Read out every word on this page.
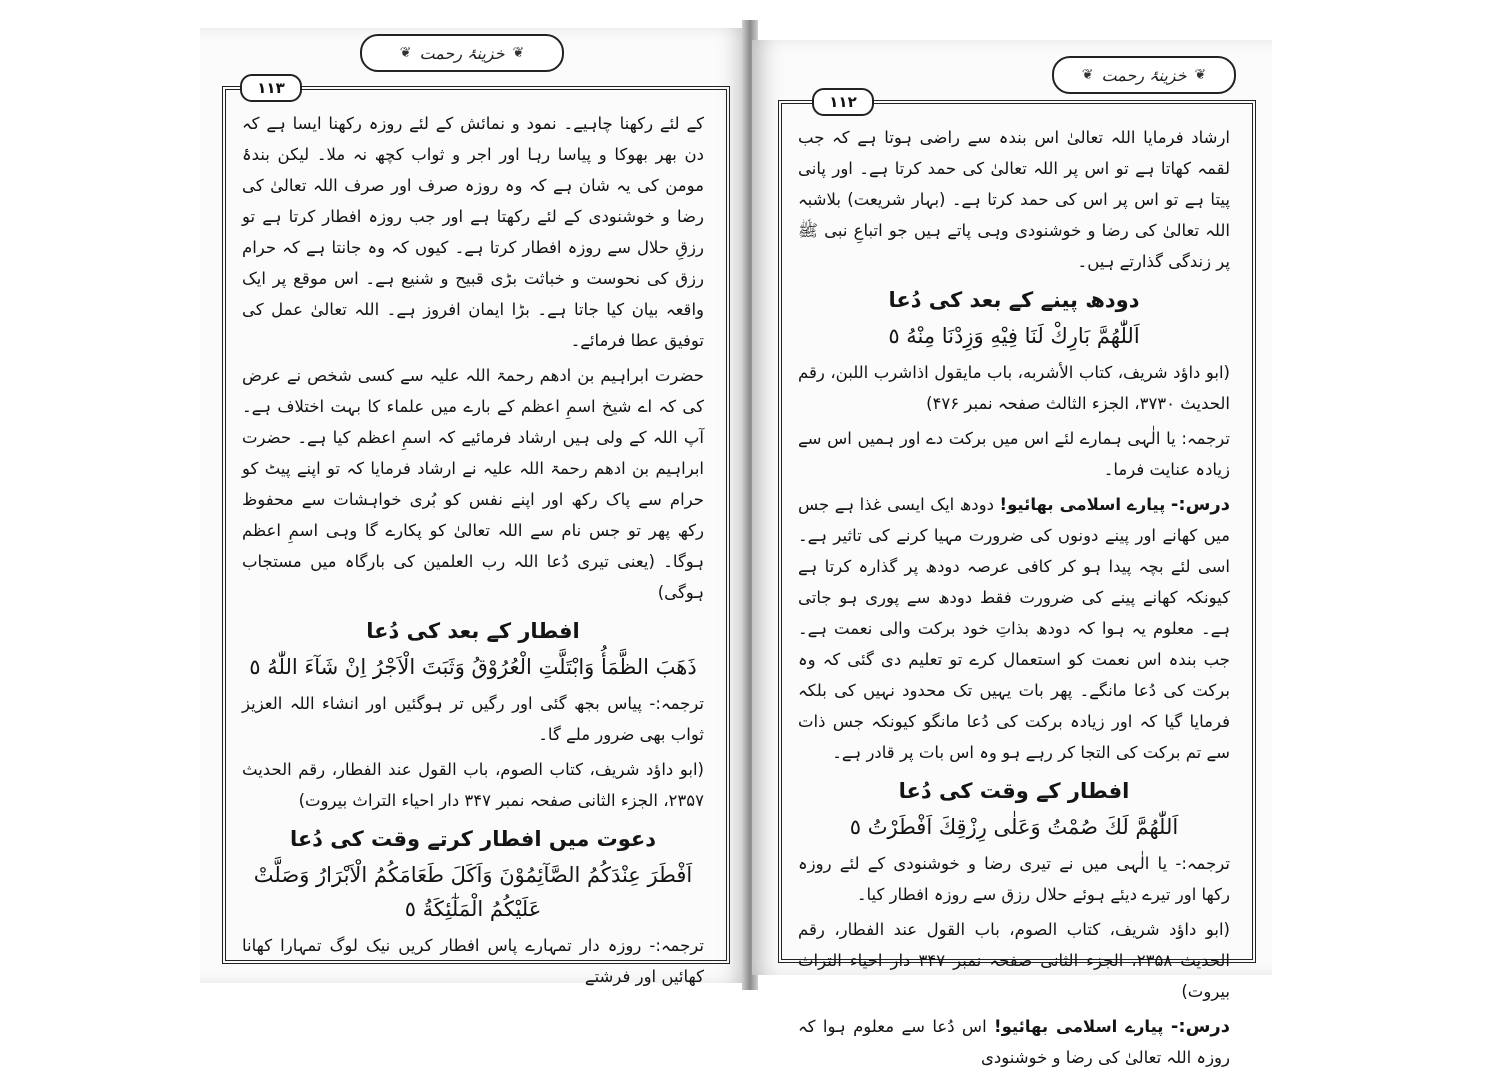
❦ خزینۂ رحمت ❦
۱۱۳

کے لئے رکھنا چاہیے۔ نمود و نمائش کے لئے روزہ رکھنا ایسا ہے کہ دن بھر بھوکا و پیاسا رہا اور اجر و ثواب کچھ نہ ملا۔ لیکن بندۂ مومن کی یہ شان ہے کہ وہ روزہ صرف اور صرف اللہ تعالیٰ کی رضا و خوشنودی کے لئے رکھتا ہے اور جب روزہ افطار کرتا ہے تو رزقِ حلال سے روزہ افطار کرتا ہے۔ کیوں کہ وہ جانتا ہے کہ حرام رزق کی نحوست و خباثت بڑی قبیح و شنیع ہے۔ اس موقع پر ایک واقعہ بیان کیا جاتا ہے۔ بڑا ایمان افروز ہے۔ اللہ تعالیٰ عمل کی توفیق عطا فرمائے۔

حضرت ابراہیم بن ادھم رحمۃ اللہ علیہ سے کسی شخص نے عرض کی کہ اے شیخ اسمِ اعظم کے بارے میں علماء کا بہت اختلاف ہے۔ آپ اللہ کے ولی ہیں ارشاد فرمائیے کہ اسمِ اعظم کیا ہے۔ حضرت ابراہیم بن ادھم رحمۃ اللہ علیہ نے ارشاد فرمایا کہ تو اپنے پیٹ کو حرام سے پاک رکھ اور اپنے نفس کو بُری خواہشات سے محفوظ رکھ پھر تو جس نام سے اللہ تعالیٰ کو پکارے گا وہی اسمِ اعظم ہوگا۔ (یعنی تیری دُعا اللہ رب العلمین کی بارگاہ میں مستجاب ہوگی)

افطار کے بعد کی دُعا
ذَھَبَ الظَّمَأُ وَابْتَلَّتِ الْعُرُوْقُ وَثَبَتَ الْاَجْرُ اِنْ شَآءَ اللّٰهُ ٥

ترجمہ:- پیاس بجھ گئی اور رگیں تر ہوگئیں اور انشاء اللہ العزیز ثواب بھی ضرور ملے گا۔

(ابو داؤد شریف، کتاب الصوم، باب القول عند الفطار، رقم الحدیث ۲۳۵۷، الجزء الثانی صفحہ نمبر ۳۴۷ دار احیاء التراث بیروت)

دعوت میں افطار کرتے وقت کی دُعا
اَفْطَرَ عِنْدَكُمُ الصَّآئِمُوْنَ وَاَكَلَ طَعَامَكُمُ الْاَبْرَارُ وَصَلَّتْ عَلَيْكُمُ الْمَلٰٓئِكَةُ ٥

ترجمہ:- روزہ دار تمہارے پاس افطار کریں نیک لوگ تمہارا کھانا کھائیں اور فرشتے

❦ خزینۂ رحمت ❦
۱۱۲

ارشاد فرمایا اللہ تعالیٰ اس بندہ سے راضی ہوتا ہے کہ جب لقمہ کھاتا ہے تو اس پر اللہ تعالیٰ کی حمد کرتا ہے۔ اور پانی پیتا ہے تو اس پر اس کی حمد کرتا ہے۔ (بہار شریعت) بلاشبہ اللہ تعالیٰ کی رضا و خوشنودی وہی پاتے ہیں جو اتباعِ نبی ﷺ پر زندگی گذارتے ہیں۔

دودھ پینے کے بعد کی دُعا
اَللّٰھُمَّ بَارِكْ لَنَا فِيْهِ وَزِدْنَا مِنْهُ ٥

(ابو داؤد شریف، کتاب الأشربه، باب مایقول اذاشرب اللبن، رقم الحدیث ۳۷۳۰، الجزء الثالث صفحہ نمبر ۴۷۶)

ترجمہ: یا الٰہی ہمارے لئے اس میں برکت دے اور ہمیں اس سے زیادہ عنایت فرما۔

درس:- پیارے اسلامی بھائیو! دودھ ایک ایسی غذا ہے جس میں کھانے اور پینے دونوں کی ضرورت مہیا کرنے کی تاثیر ہے۔ اسی لئے بچہ پیدا ہو کر کافی عرصہ دودھ پر گذارہ کرتا ہے کیونکہ کھانے پینے کی ضرورت فقط دودھ سے پوری ہو جاتی ہے۔ معلوم یہ ہوا کہ دودھ بذاتِ خود برکت والی نعمت ہے۔ جب بندہ اس نعمت کو استعمال کرے تو تعلیم دی گئی کہ وہ برکت کی دُعا مانگے۔ پھر بات یہیں تک محدود نہیں کی بلکہ فرمایا گیا کہ اور زیادہ برکت کی دُعا مانگو کیونکہ جس ذات سے تم برکت کی التجا کر رہے ہو وہ اس بات پر قادر ہے۔

افطار کے وقت کی دُعا
اَللّٰھُمَّ لَكَ صُمْتُ وَعَلٰى رِزْقِكَ اَفْطَرْتُ ٥

ترجمہ:- یا الٰہی میں نے تیری رضا و خوشنودی کے لئے روزہ رکھا اور تیرے دیئے ہوئے حلال رزق سے روزہ افطار کیا۔

(ابو داؤد شریف، کتاب الصوم، باب القول عند الفطار، رقم الحدیث ۲۳۵۸، الجزء الثانی صفحہ نمبر ۳۴۷ دار احیاء التراث بیروت)

درس:- پیارے اسلامی بھائیو! اس دُعا سے معلوم ہوا کہ روزہ اللہ تعالیٰ کی رضا و خوشنودی
